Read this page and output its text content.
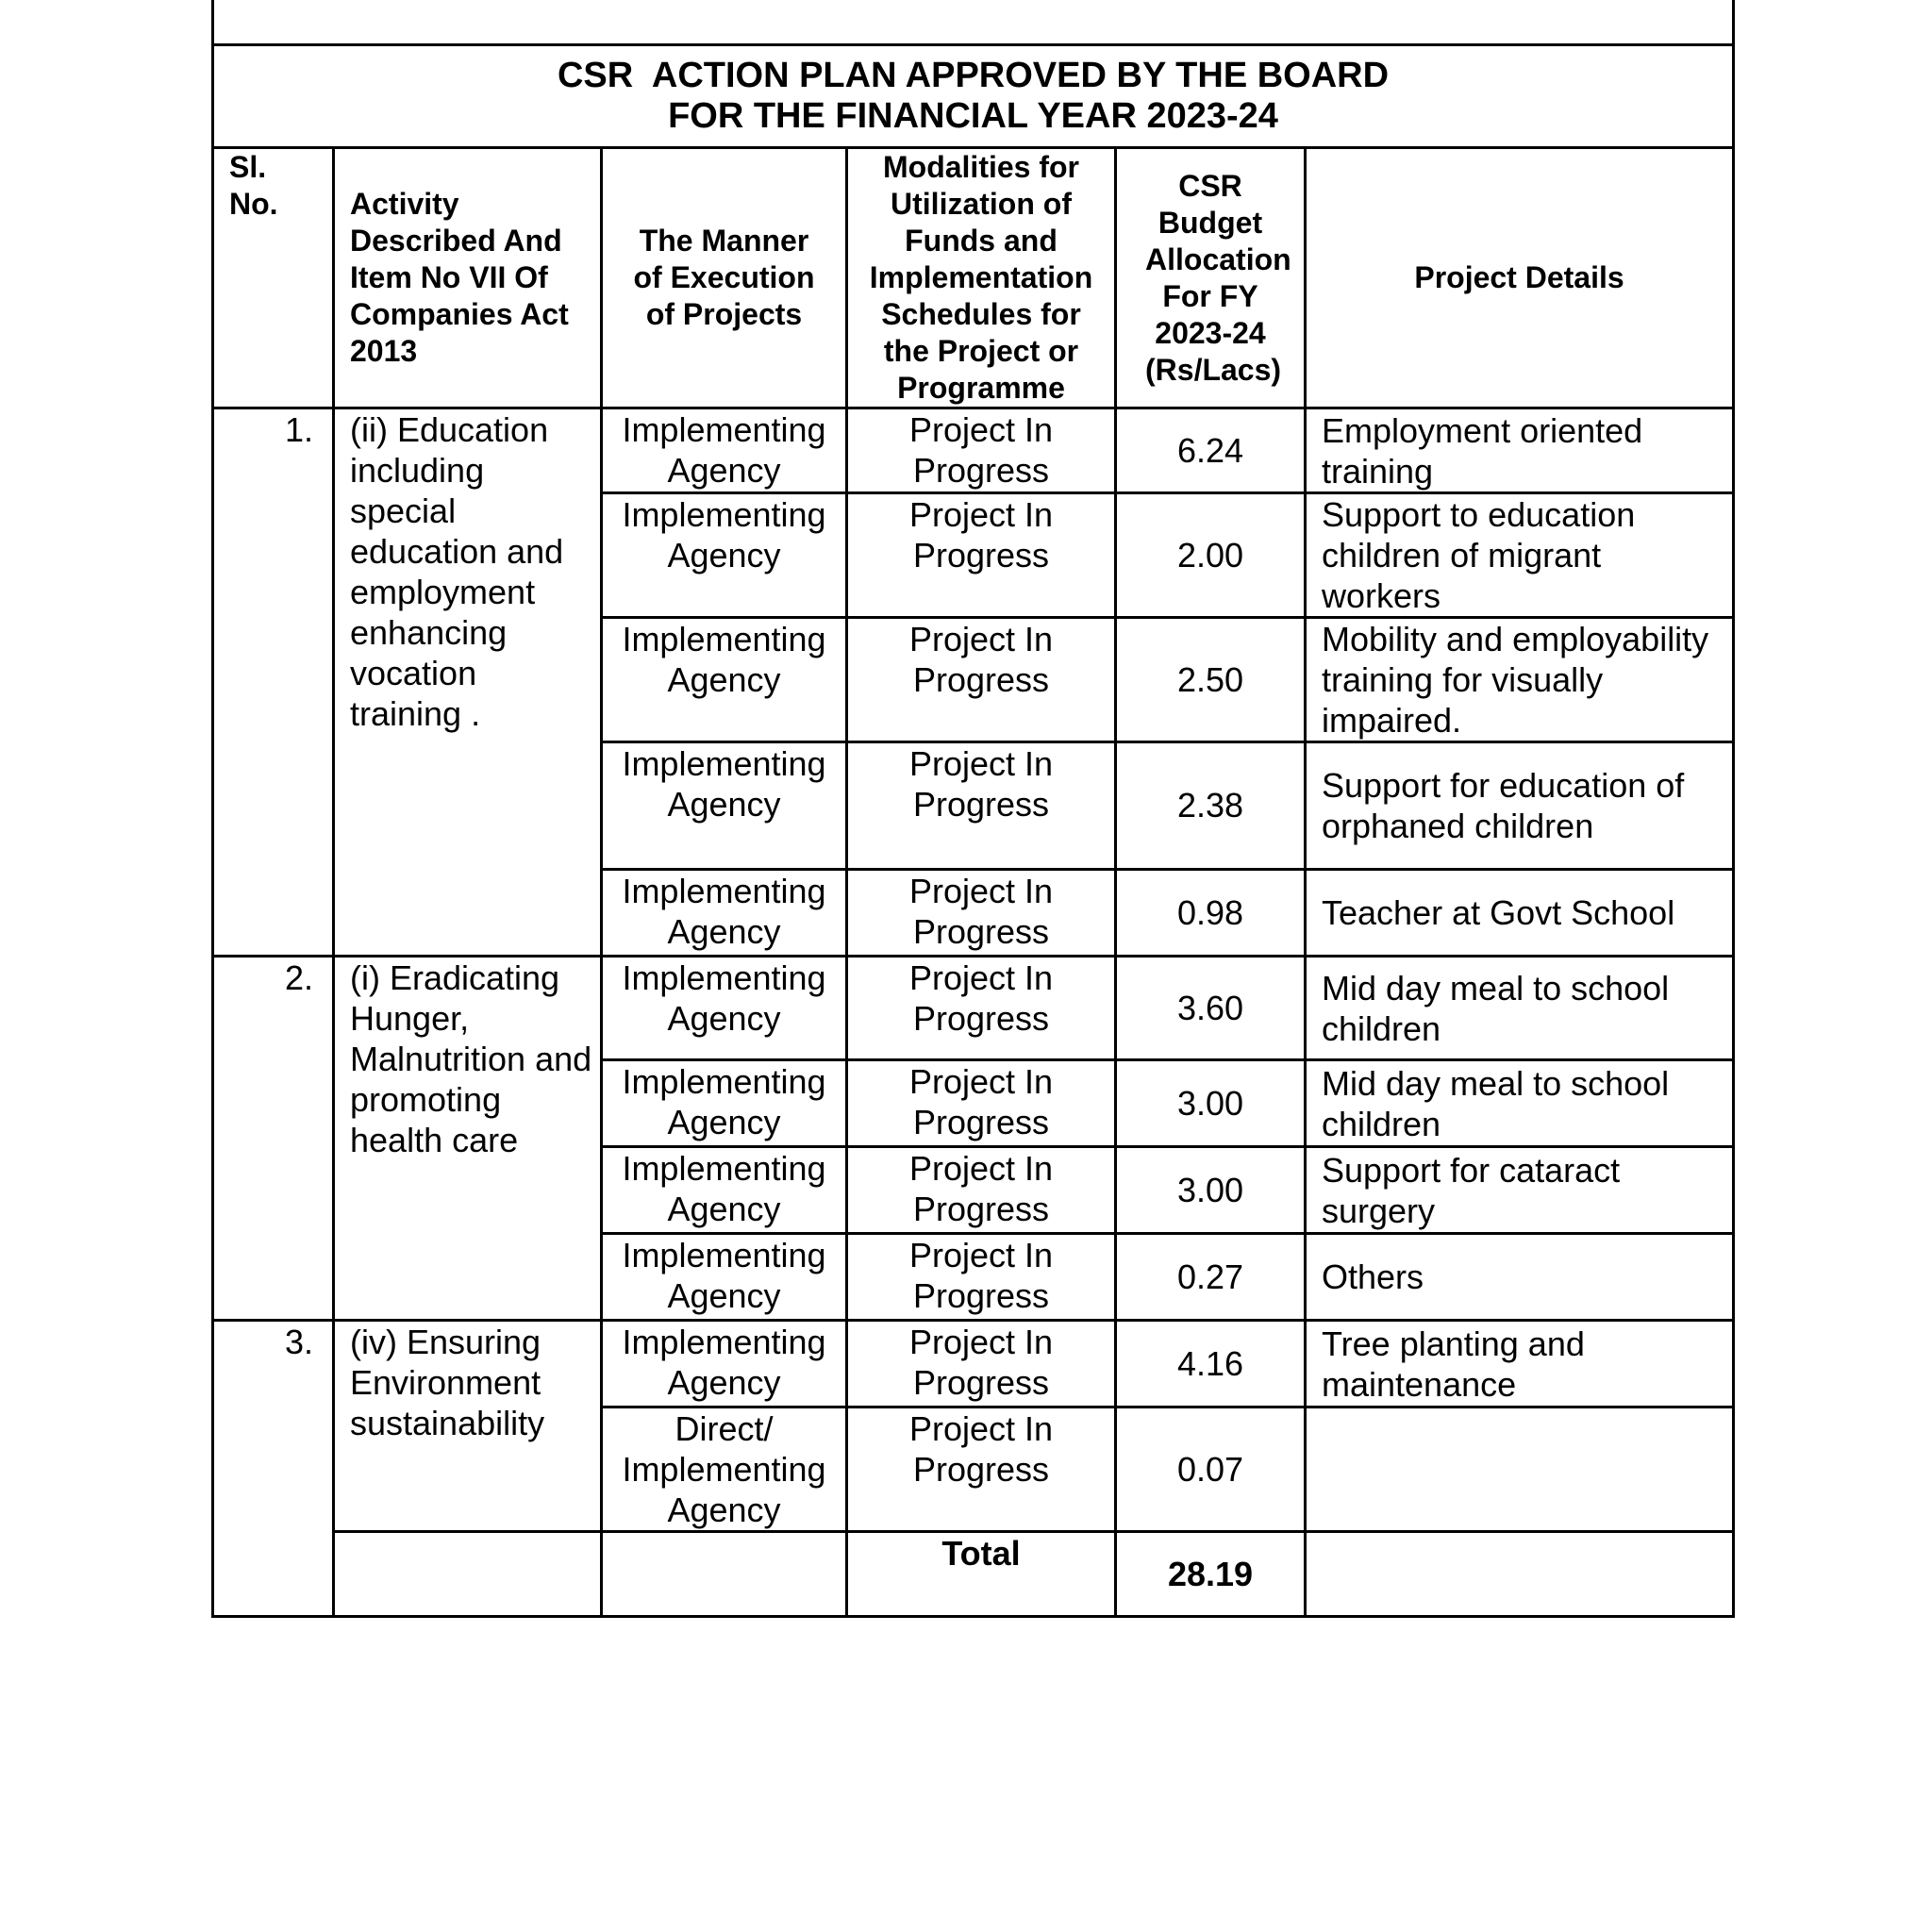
CSR  ACTION PLAN APPROVED BY THE BOARD
FOR THE FINANCIAL YEAR 2023-24					

Sl. No.	Activity Described And Item No VII Of Companies Act 2013	The Manner of Execution of Projects	Modalities for Utilization of Funds and Implementation Schedules for the Project or Programme	CSR Budget Allocation For FY 2023-24 (Rs/Lacs)	Project Details

1.	(ii) Education including special education and employment enhancing vocation training .	Implementing Agency	Project In Progress	6.24	Employment oriented training
		Implementing Agency	Project In Progress	2.00	Support to education children of migrant workers
		Implementing Agency	Project In Progress	2.50	Mobility and employability training for visually impaired.
		Implementing Agency	Project In Progress	2.38	Support for education of orphaned children
		Implementing Agency	Project In Progress	0.98	Teacher at Govt School
2.	(i) Eradicating Hunger, Malnutrition and promoting health care	Implementing Agency	Project In Progress	3.60	Mid day meal to school children
		Implementing Agency	Project In Progress	3.00	Mid day meal to school children
		Implementing Agency	Project In Progress	3.00	Support for cataract surgery
		Implementing Agency	Project In Progress	0.27	Others
3.	(iv) Ensuring Environment sustainability	Implementing Agency	Project In Progress	4.16	Tree planting and maintenance
		Direct/ Implementing Agency	Project In Progress	0.07	
			Total	28.19	
